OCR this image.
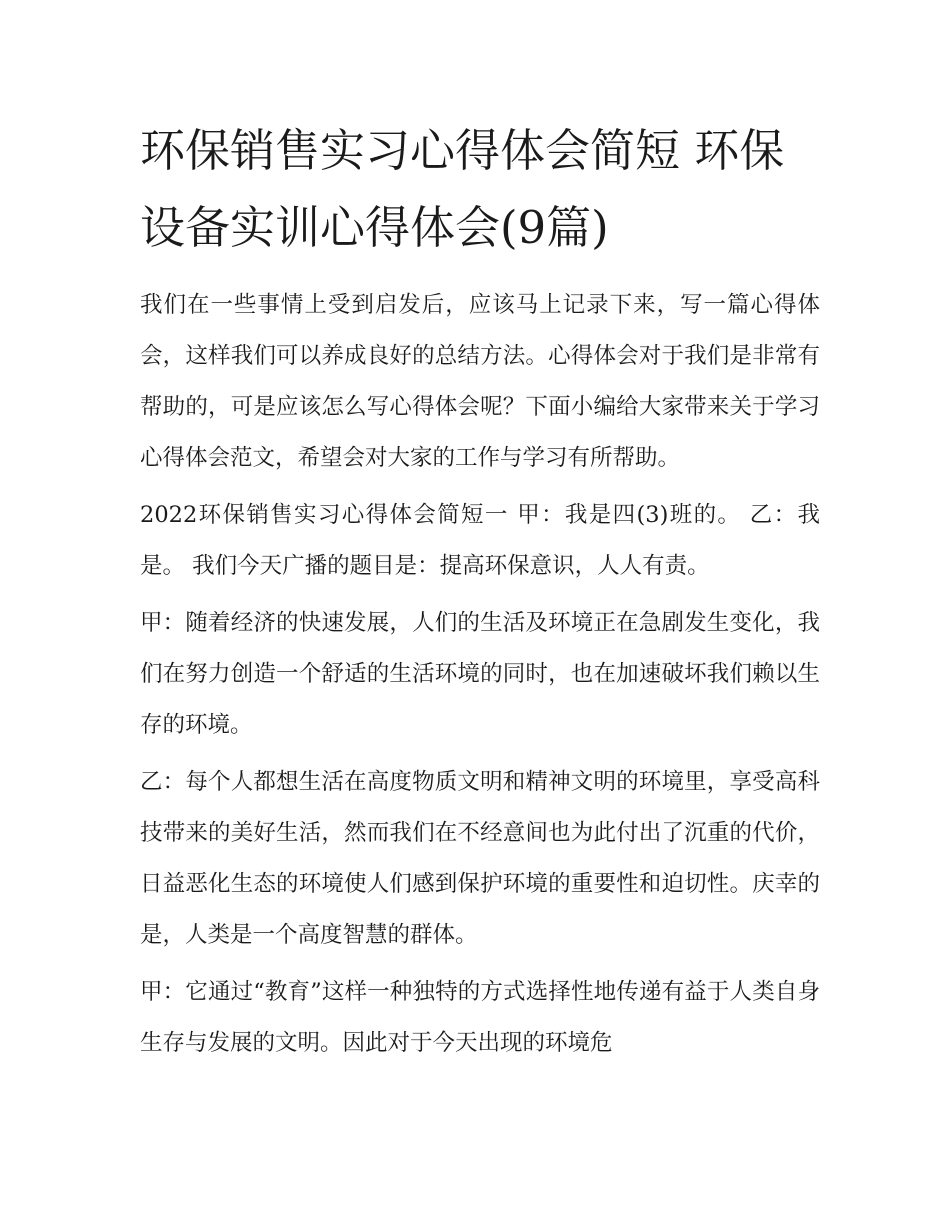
环保销售实习心得体会简短 环保设备实训心得体会(9篇)

我们在一些事情上受到启发后，应该马上记录下来，写一篇心得体会，这样我们可以养成良好的总结方法。心得体会对于我们是非常有帮助的，可是应该怎么写心得体会呢？下面小编给大家带来关于学习心得体会范文，希望会对大家的工作与学习有所帮助。

2022环保销售实习心得体会简短一 甲：我是四(3)班的。 乙：我是。 我们今天广播的题目是：提高环保意识，人人有责。

甲：随着经济的快速发展，人们的生活及环境正在急剧发生变化，我们在努力创造一个舒适的生活环境的同时，也在加速破坏我们赖以生存的环境。

乙：每个人都想生活在高度物质文明和精神文明的环境里，享受高科技带来的美好生活，然而我们在不经意间也为此付出了沉重的代价，日益恶化生态的环境使人们感到保护环境的重要性和迫切性。庆幸的是，人类是一个高度智慧的群体。

甲：它通过“教育”这样一种独特的方式选择性地传递有益于人类自身生存与发展的文明。因此对于今天出现的环境危
